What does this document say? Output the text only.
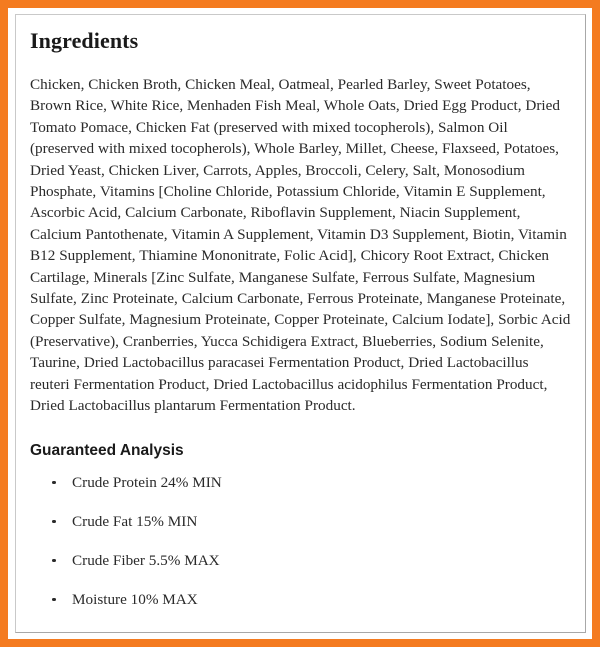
Ingredients

Chicken, Chicken Broth, Chicken Meal, Oatmeal, Pearled Barley, Sweet Potatoes, Brown Rice, White Rice, Menhaden Fish Meal, Whole Oats, Dried Egg Product, Dried Tomato Pomace, Chicken Fat (preserved with mixed tocopherols), Salmon Oil (preserved with mixed tocopherols), Whole Barley, Millet, Cheese, Flaxseed, Potatoes, Dried Yeast, Chicken Liver, Carrots, Apples, Broccoli, Celery, Salt, Monosodium Phosphate, Vitamins [Choline Chloride, Potassium Chloride, Vitamin E Supplement, Ascorbic Acid, Calcium Carbonate, Riboflavin Supplement, Niacin Supplement, Calcium Pantothenate, Vitamin A Supplement, Vitamin D3 Supplement, Biotin, Vitamin B12 Supplement, Thiamine Mononitrate, Folic Acid], Chicory Root Extract, Chicken Cartilage, Minerals [Zinc Sulfate, Manganese Sulfate, Ferrous Sulfate, Magnesium Sulfate, Zinc Proteinate, Calcium Carbonate, Ferrous Proteinate, Manganese Proteinate, Copper Sulfate, Magnesium Proteinate, Copper Proteinate, Calcium Iodate], Sorbic Acid (Preservative), Cranberries, Yucca Schidigera Extract, Blueberries, Sodium Selenite, Taurine, Dried Lactobacillus paracasei Fermentation Product, Dried Lactobacillus reuteri Fermentation Product, Dried Lactobacillus acidophilus Fermentation Product, Dried Lactobacillus plantarum Fermentation Product.

Guaranteed Analysis
Crude Protein 24% MIN
Crude Fat 15% MIN
Crude Fiber 5.5% MAX
Moisture 10% MAX
